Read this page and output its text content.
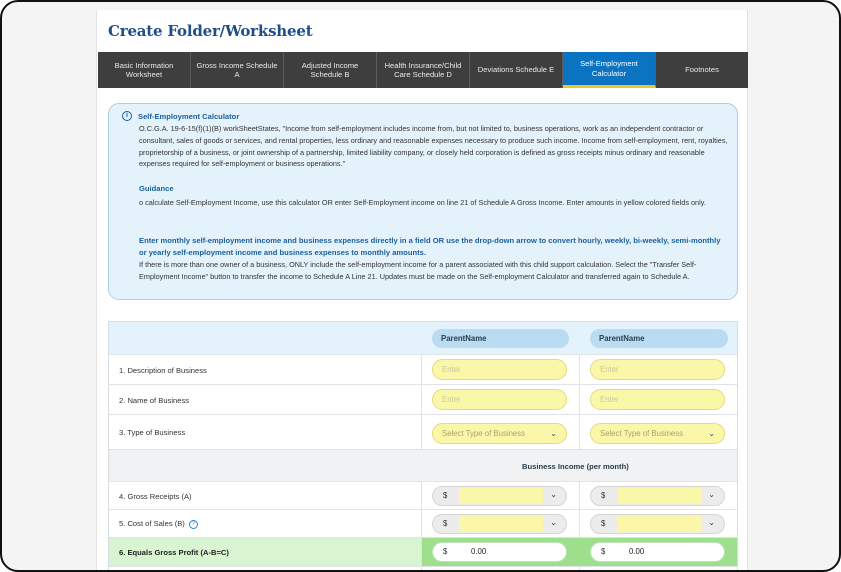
Create Folder/Worksheet
Basic Information Worksheet
Gross Income Schedule A
Adjusted Income Schedule B
Health Insurance/Child Care Schedule D
Deviations Schedule E
Self-Employment Calculator	Footnotes
i	Self-Employment Calculator
O.C.G.A. 19-6-15(f)(1)(B) workSheetStates, "Income from self-employment includes income from, but not limited to, business operations, work as an independent contractor or consultant, sales of goods or services, and rental properties, less ordinary and reasonable expenses necessary to produce such income. Income from self-employment, rent, royalties, proprietorship of a business, or joint ownership of a partnership, limited liability company, or closely held corporation is defined as gross receipts minus ordinary and reasonable expenses required for self-employment or business operations."
Guidance
o calculate Self-Employment Income, use this calculator OR enter Self-Employment income on line 21 of Schedule A Gross Income. Enter amounts in yellow colored fields only.
Enter monthly self-employment income and business expenses directly in a field OR use the drop-down arrow to convert hourly, weekly, bi-weekly, semi-monthly or yearly self-employment income and business expenses to monthly amounts.
If there is more than one owner of a business, ONLY include the self-employment income for a parent associated with this child support calculation. Select the "Transfer Self-Employment Income" button to transfer the income to Schedule A Line 21. Updates must be made on the Self-employment Calculator and transferred again to Schedule A.
ParentName	ParentName
1. Description of Business	Enter	Enter
2. Name of Business	Enter	Enter
3. Type of Business	Select Type of Business	⌄	Select Type of Business	⌄
Business Income (per month)
4. Gross Receipts (A)	$	⌄	$	⌄
5. Cost of Sales (B) ?	$	⌄	$	⌄
6. Equals Gross Profit (A-B=C)	$	0.00	$	0.00
